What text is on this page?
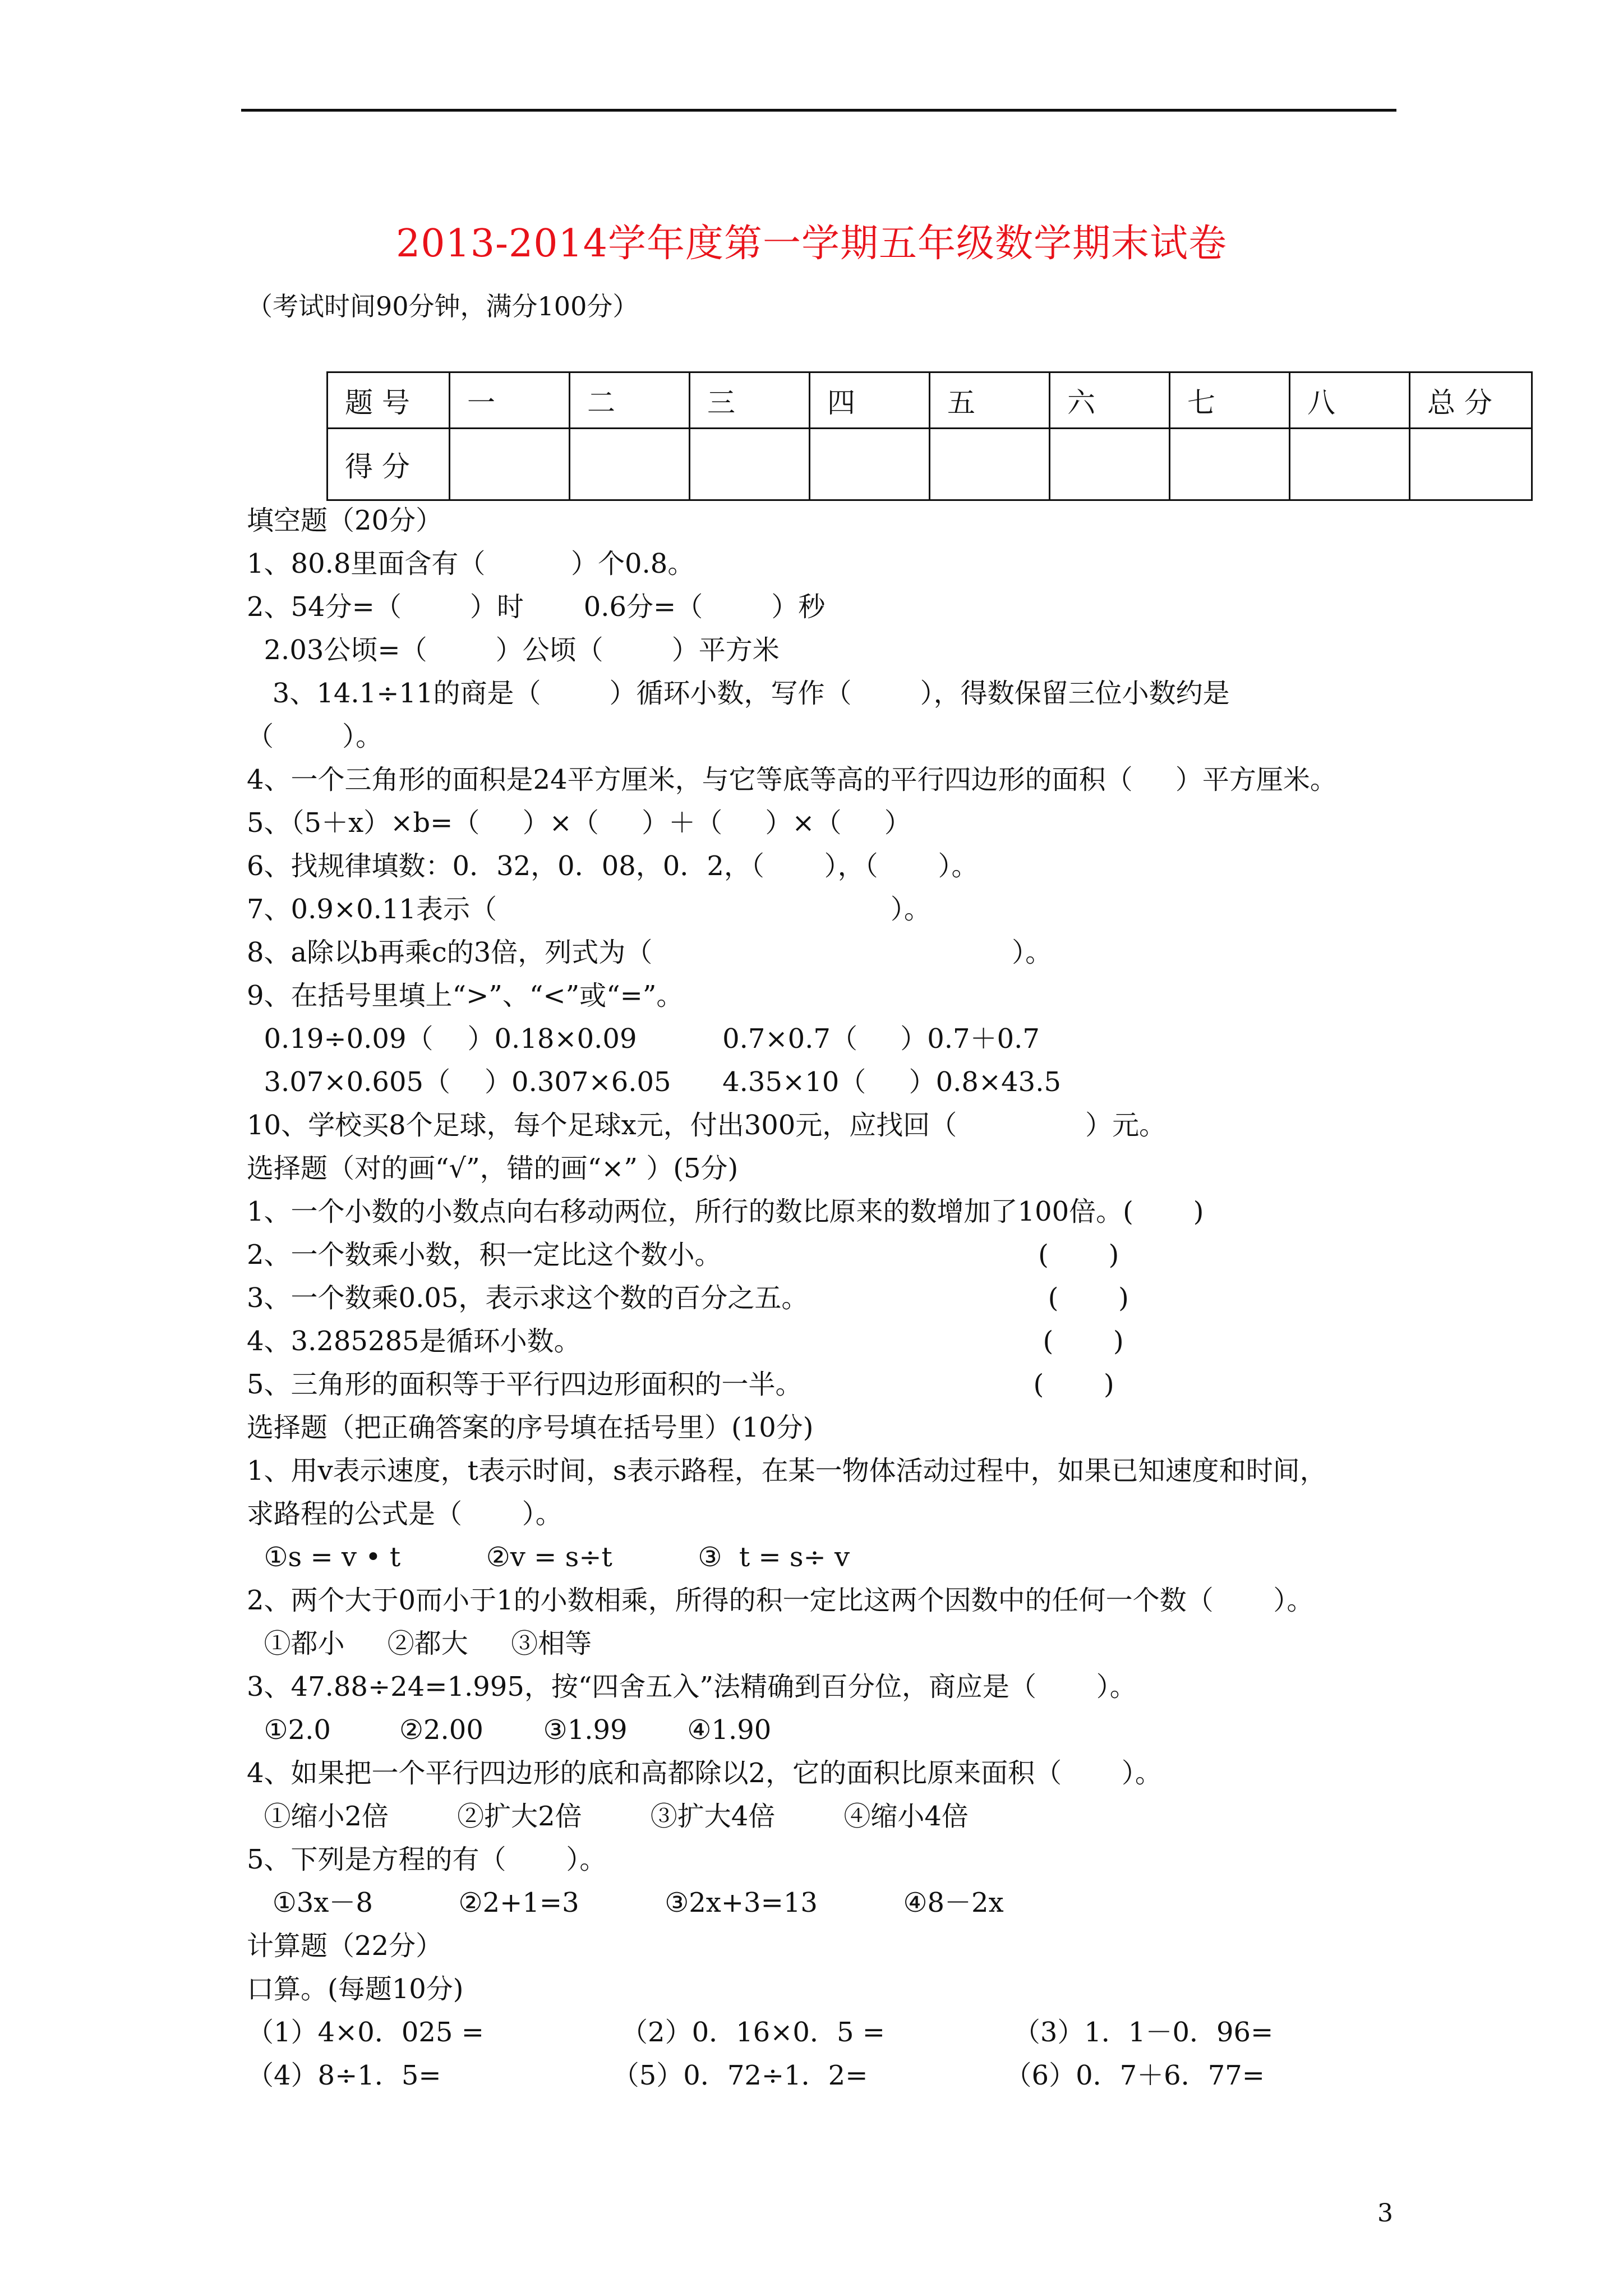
2013-2014学年度第一学期五年级数学期末试卷
（考试时间90分钟，满分100分）
题 号	一	二	三	四	五	六	七	八	总 分
得 分									
填空题（20分）
1、80.8里面含有（          ）个0.8。
2、54分=（        ）时       0.6分=（        ）秒
2.03公顷=（        ）公顷（        ）平方米
3、14.1÷11的商是（        ）循环小数，写作（        ），得数保留三位小数约是
（        ）。
4、一个三角形的面积是24平方厘米，与它等底等高的平行四边形的面积（     ）平方厘米。
5、（5＋x）×b=（     ）×（     ）＋（     ）×（     ）
6、找规律填数：0．32，0．08，0．2，（       ），（       ）。
7、0.9×0.11表示（                                              ）。
8、a除以b再乘c的3倍，列式为（                                          ）。
9、在括号里填上“>”、“<”或“=”。
0.19÷0.09（    ）0.18×0.09          0.7×0.7（     ）0.7＋0.7
3.07×0.605（    ）0.307×6.05      4.35×10（     ）0.8×43.5
10、学校买8个足球，每个足球x元，付出300元，应找回（               ）元。
选择题（对的画“√”，错的画“×” ）(5分)
1、一个小数的小数点向右移动两位，所行的数比原来的数增加了100倍。(       )
2、一个数乘小数，积一定比这个数小。                                     (       )
3、一个数乘0.05，表示求这个数的百分之五。                            (       )
4、3.285285是循环小数。                                                      (       )
5、三角形的面积等于平行四边形面积的一半。                           (       )
选择题（把正确答案的序号填在括号里）(10分)
1、用v表示速度，t表示时间，s表示路程，在某一物体活动过程中，如果已知速度和时间，
求路程的公式是（       ）。
①s = v • t          ②v = s÷t          ③  t = s÷ v
2、两个大于0而小于1的小数相乘，所得的积一定比这两个因数中的任何一个数（       ）。
①都小     ②都大     ③相等
3、47.88÷24=1.995，按“四舍五入”法精确到百分位，商应是（       ）。
①2.0        ②2.00       ③1.99       ④1.90
4、如果把一个平行四边形的底和高都除以2，它的面积比原来面积（       ）。
①缩小2倍        ②扩大2倍        ③扩大4倍        ④缩小4倍
5、下列是方程的有（       ）。
①3x－8          ②2+1=3          ③2x+3=13          ④8－2x
计算题（22分）
口算。(每题10分)
（1）4×0．025 =                （2）0．16×0．5 =               （3）1．1－0．96=
（4）8÷1．5=                    （5）0．72÷1．2=                （6）0．7＋6．77=
3
